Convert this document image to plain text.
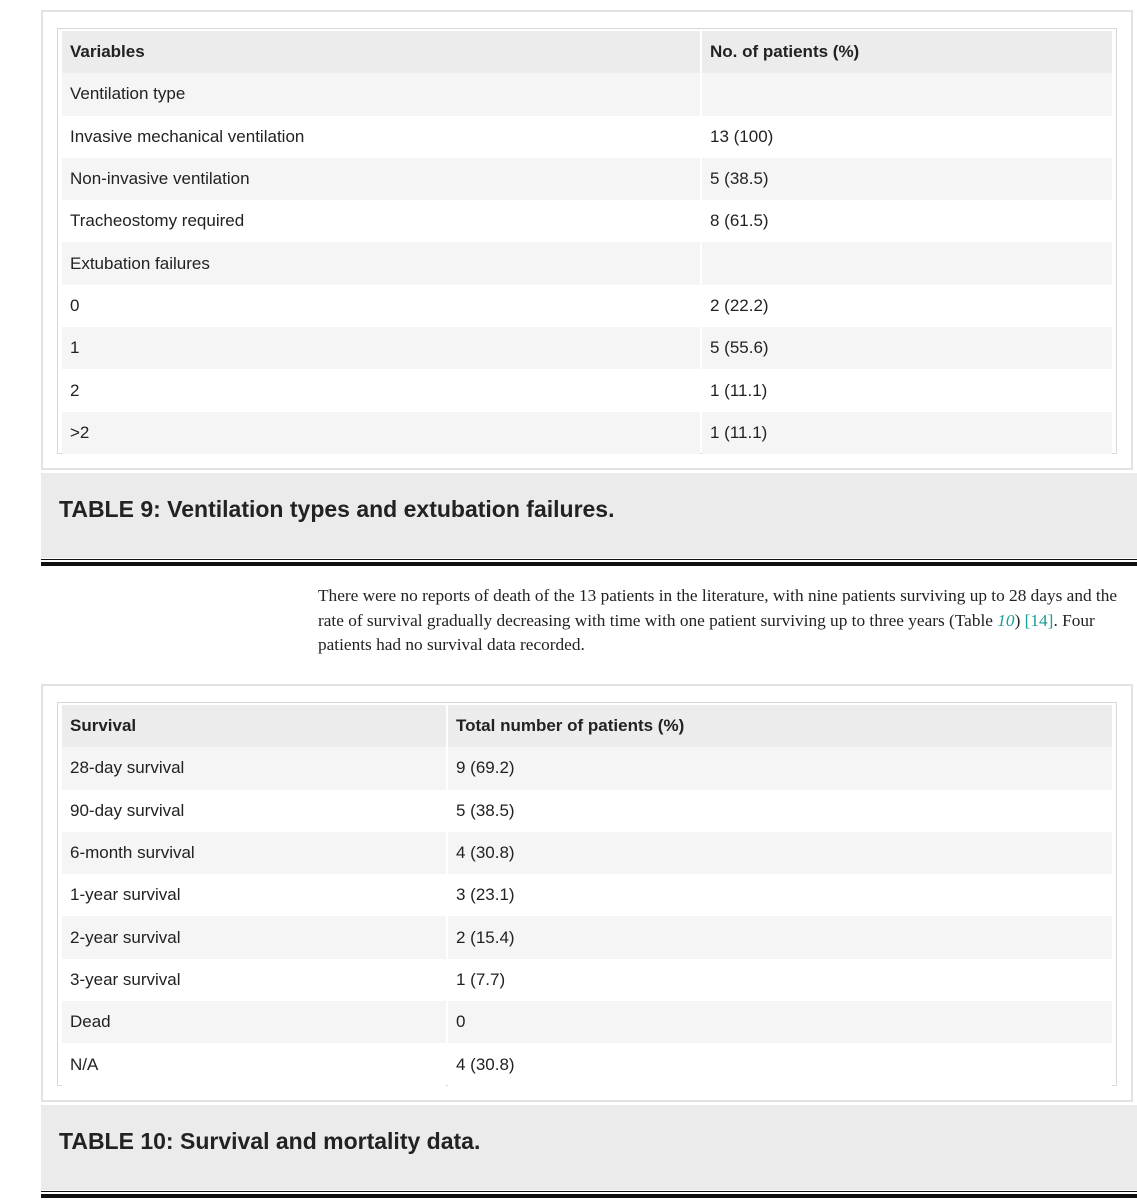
Variables	No. of patients (%)
Ventilation type	
Invasive mechanical ventilation	13 (100)
Non-invasive ventilation	5 (38.5)
Tracheostomy required	8 (61.5)
Extubation failures	
0	2 (22.2)
1	5 (55.6)
2	1 (11.1)
>2	1 (11.1)
TABLE 9: Ventilation types and extubation failures.

There were no reports of death of the 13 patients in the literature, with nine patients surviving up to 28 days and the rate of survival gradually decreasing with time with one patient surviving up to three years (Table 10) [14]. Four patients had no survival data recorded.

Survival	Total number of patients (%)
28-day survival	9 (69.2)
90-day survival	5 (38.5)
6-month survival	4 (30.8)
1-year survival	3 (23.1)
2-year survival	2 (15.4)
3-year survival	1 (7.7)
Dead	0
N/A	4 (30.8)
TABLE 10: Survival and mortality data.
